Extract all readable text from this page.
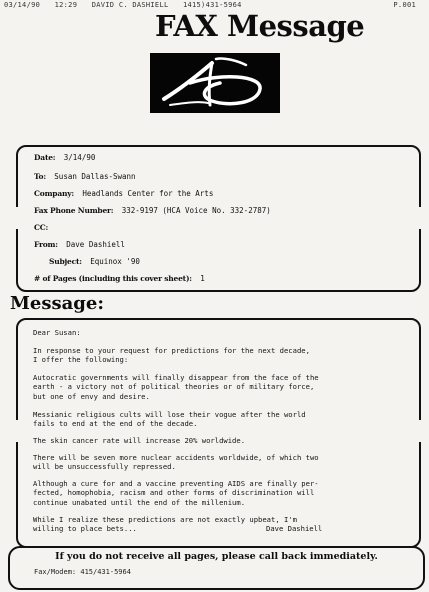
03/14/90 12:29 DAVID C. DASHIELL 1415)431-5964	P.001
FAX Message
Date: 3/14/90
To: Susan Dallas-Swann
Company: Headlands Center for the Arts
Fax Phone Number: 332-9197 (HCA Voice No. 332-2787)
CC:
From: Dave Dashiell
Subject: Equinox '90
# of Pages (including this cover sheet): 1
Message:
Dear Susan:
In response to your request for predictions for the next decade,
I offer the following:
Autocratic governments will finally disappear from the face of the
earth - a victory not of political theories or of military force,
but one of envy and desire.
Messianic religious cults will lose their vogue after the world
fails to end at the end of the decade.
The skin cancer rate will increase 20% worldwide.
There will be seven more nuclear accidents worldwide, of which two
will be unsuccessfully repressed.
Although a cure for and a vaccine preventing AIDS are finally per-
fected, homophobia, racism and other forms of discrimination will
continue unabated until the end of the millenium.
While I realize these predictions are not exactly upbeat, I'm
willing to place bets...	Dave Dashiell
If you do not receive all pages, please call back immediately.
Fax/Modem: 415/431-5964
